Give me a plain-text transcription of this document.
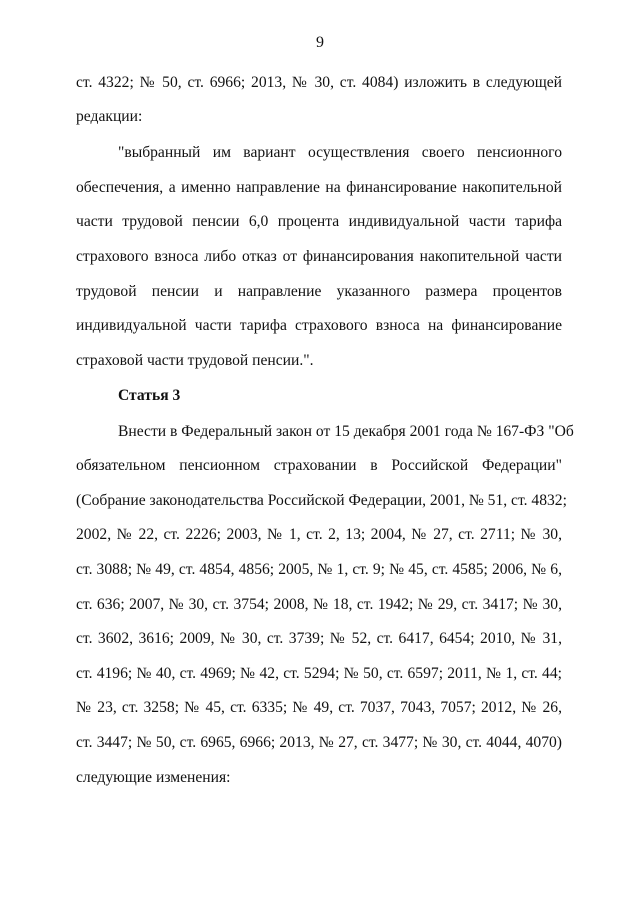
9
ст. 4322; № 50, ст. 6966; 2013, № 30, ст. 4084) изложить в следующей
редакции:
"выбранный им вариант осуществления своего пенсионного
обеспечения, а именно направление на финансирование накопительной
части трудовой пенсии 6,0 процента индивидуальной части тарифа
страхового взноса либо отказ от финансирования накопительной части
трудовой пенсии и направление указанного размера процентов
индивидуальной части тарифа страхового взноса на финансирование
страховой части трудовой пенсии.".
Статья 3
Внести в Федеральный закон от 15 декабря 2001 года № 167-ФЗ "Об
обязательном пенсионном страховании в Российской Федерации"
(Собрание законодательства Российской Федерации, 2001, № 51, ст. 4832;
2002, № 22, ст. 2226; 2003, № 1, ст. 2, 13; 2004, № 27, ст. 2711; № 30,
ст. 3088; № 49, ст. 4854, 4856; 2005, № 1, ст. 9; № 45, ст. 4585; 2006, № 6,
ст. 636; 2007, № 30, ст. 3754; 2008, № 18, ст. 1942; № 29, ст. 3417; № 30,
ст. 3602, 3616; 2009, № 30, ст. 3739; № 52, ст. 6417, 6454; 2010, № 31,
ст. 4196; № 40, ст. 4969; № 42, ст. 5294; № 50, ст. 6597; 2011, № 1, ст. 44;
№ 23, ст. 3258; № 45, ст. 6335; № 49, ст. 7037, 7043, 7057; 2012, № 26,
ст. 3447; № 50, ст. 6965, 6966; 2013, № 27, ст. 3477; № 30, ст. 4044, 4070)
следующие изменения:
